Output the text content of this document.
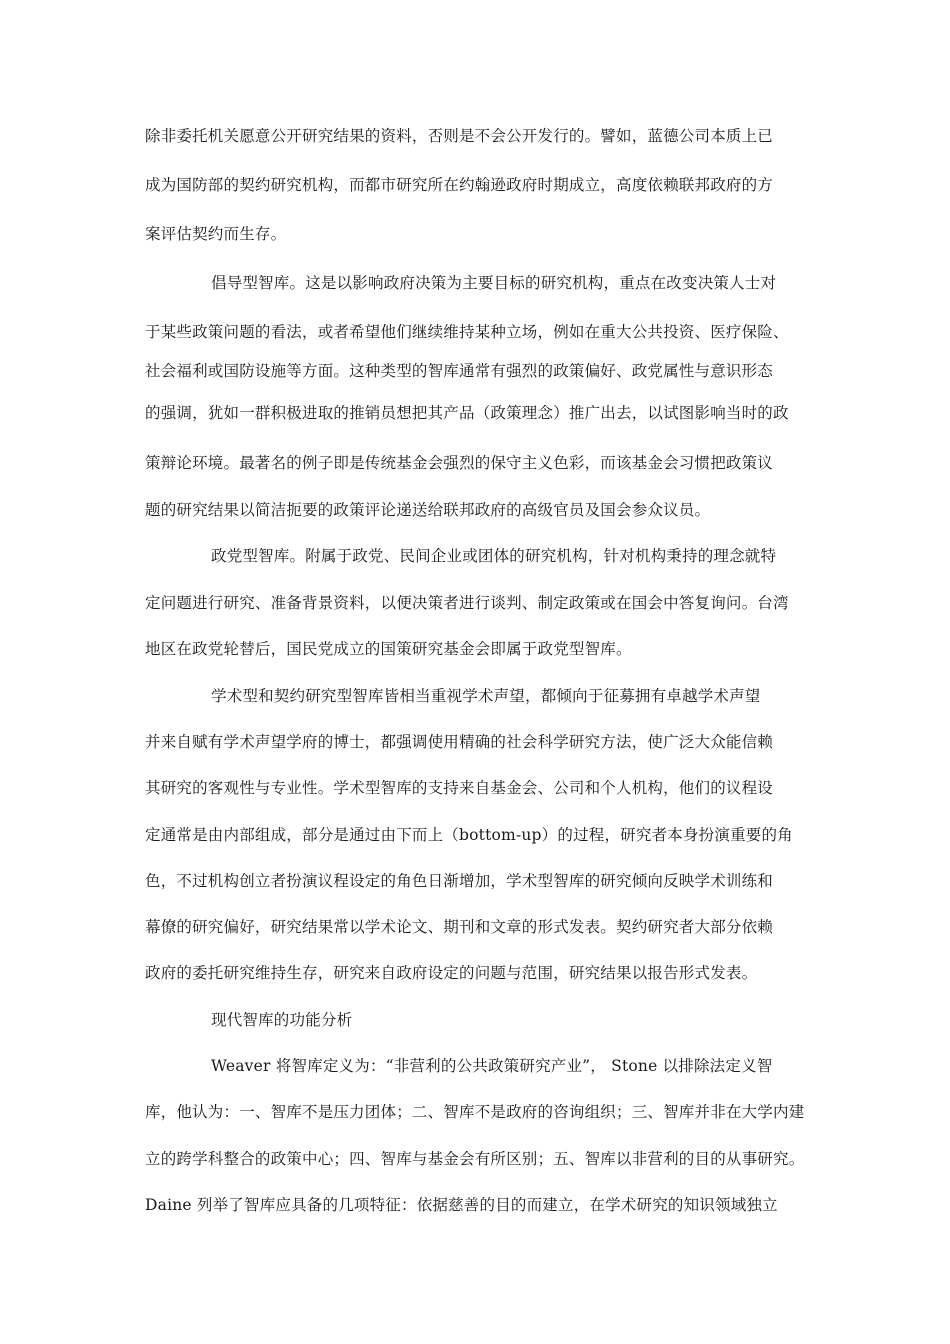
除非委托机关愿意公开研究结果的资料，否则是不会公开发行的。譬如，蓝德公司本质上已
成为国防部的契约研究机构，而都市研究所在约翰逊政府时期成立，高度依赖联邦政府的方
案评估契约而生存。
倡导型智库。这是以影响政府决策为主要目标的研究机构，重点在改变决策人士对
于某些政策问题的看法，或者希望他们继续维持某种立场，例如在重大公共投资、医疗保险、
社会福利或国防设施等方面。这种类型的智库通常有强烈的政策偏好、政党属性与意识形态
的强调，犹如一群积极进取的推销员想把其产品（政策理念）推广出去，以试图影响当时的政
策辩论环境。最著名的例子即是传统基金会强烈的保守主义色彩，而该基金会习惯把政策议
题的研究结果以简洁扼要的政策评论递送给联邦政府的高级官员及国会参众议员。
政党型智库。附属于政党、民间企业或团体的研究机构，针对机构秉持的理念就特
定问题进行研究、准备背景资料，以便决策者进行谈判、制定政策或在国会中答复询问。台湾
地区在政党轮替后，国民党成立的国策研究基金会即属于政党型智库。
学术型和契约研究型智库皆相当重视学术声望，都倾向于征募拥有卓越学术声望
并来自赋有学术声望学府的博士，都强调使用精确的社会科学研究方法，使广泛大众能信赖
其研究的客观性与专业性。学术型智库的支持来自基金会、公司和个人机构，他们的议程设
定通常是由内部组成，部分是通过由下而上（bottom-up）的过程，研究者本身扮演重要的角
色，不过机构创立者扮演议程设定的角色日渐增加，学术型智库的研究倾向反映学术训练和
幕僚的研究偏好，研究结果常以学术论文、期刊和文章的形式发表。契约研究者大部分依赖
政府的委托研究维持生存，研究来自政府设定的问题与范围，研究结果以报告形式发表。
现代智库的功能分析
Weaver 将智库定义为：“非营利的公共政策研究产业”， Stone 以排除法定义智
库，他认为：一、智库不是压力团体；二、智库不是政府的咨询组织；三、智库并非在大学内建
立的跨学科整合的政策中心；四、智库与基金会有所区别；五、智库以非营利的目的从事研究。
Daine 列举了智库应具备的几项特征：依据慈善的目的而建立，在学术研究的知识领域独立
